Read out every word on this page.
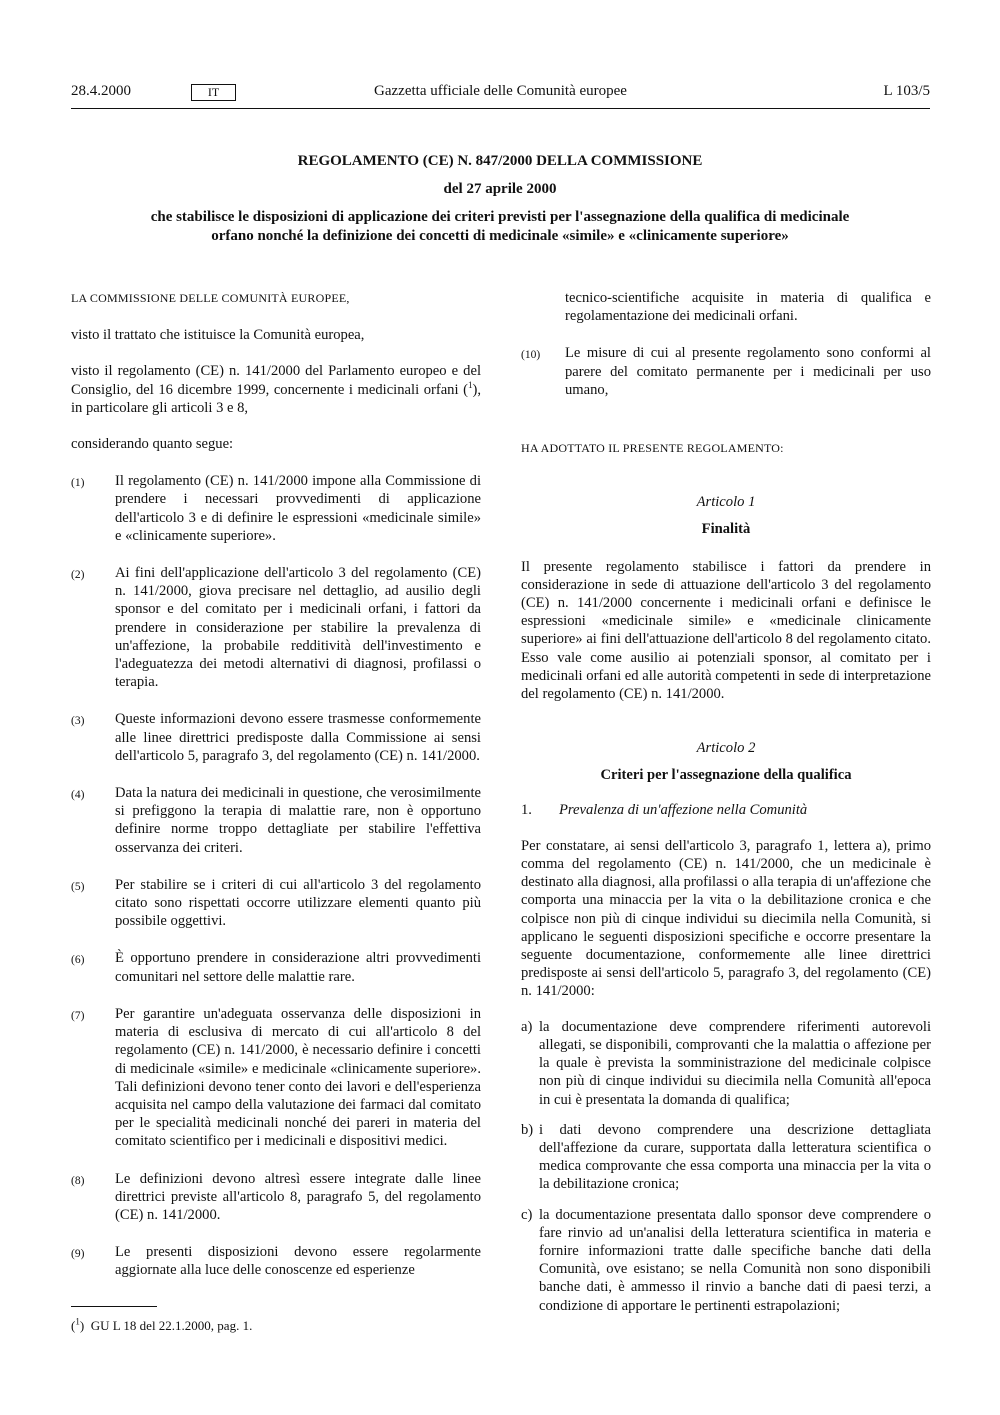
Gazzetta ufficiale delle Comunità europee
28.4.2000	IT	L 103/5

REGOLAMENTO (CE) N. 847/2000 DELLA COMMISSIONE

del 27 aprile 2000

che stabilisce le disposizioni di applicazione dei criteri previsti per l'assegnazione della qualifica di medicinale orfano nonché la definizione dei concetti di medicinale «simile» e «clinicamente superiore»

LA COMMISSIONE DELLE COMUNITÀ EUROPEE,

visto il trattato che istituisce la Comunità europea,

visto il regolamento (CE) n. 141/2000 del Parlamento europeo e del Consiglio, del 16 dicembre 1999, concernente i medicinali orfani ($^1$), in particolare gli articoli 3 e 8,

considerando quanto segue:

(1)	Il regolamento (CE) n. 141/2000 impone alla Commissione di prendere i necessari provvedimenti di applicazione dell'articolo 3 e di definire le espressioni «medicinale simile» e «clinicamente superiore».
(2)	Ai fini dell'applicazione dell'articolo 3 del regolamento (CE) n. 141/2000, giova precisare nel dettaglio, ad ausilio degli sponsor e del comitato per i medicinali orfani, i fattori da prendere in considerazione per stabilire la prevalenza di un'affezione, la probabile redditività dell'investimento e l'adeguatezza dei metodi alternativi di diagnosi, profilassi o terapia.
(3)	Queste informazioni devono essere trasmesse conformemente alle linee direttrici predisposte dalla Commissione ai sensi dell'articolo 5, paragrafo 3, del regolamento (CE) n. 141/2000.
(4)	Data la natura dei medicinali in questione, che verosimilmente si prefiggono la terapia di malattie rare, non è opportuno definire norme troppo dettagliate per stabilire l'effettiva osservanza dei criteri.
(5)	Per stabilire se i criteri di cui all'articolo 3 del regolamento citato sono rispettati occorre utilizzare elementi quanto più possibile oggettivi.
(6)	È opportuno prendere in considerazione altri provvedimenti comunitari nel settore delle malattie rare.
(7)	Per garantire un'adeguata osservanza delle disposizioni in materia di esclusiva di mercato di cui all'articolo 8 del regolamento (CE) n. 141/2000, è necessario definire i concetti di medicinale «simile» e medicinale «clinicamente superiore». Tali definizioni devono tener conto dei lavori e dell'esperienza acquisita nel campo della valutazione dei farmaci dal comitato per le specialità medicinali nonché dei pareri in materia del comitato scientifico per i medicinali e dispositivi medici.
(8)	Le definizioni devono altresì essere integrate dalle linee direttrici previste all'articolo 8, paragrafo 5, del regolamento (CE) n. 141/2000.
(9)	Le presenti disposizioni devono essere regolarmente aggiornate alla luce delle conoscenze ed esperienze

tecnico-scientifiche acquisite in materia di qualifica e regolamentazione dei medicinali orfani.

(10)	Le misure di cui al presente regolamento sono conformi al parere del comitato permanente per i medicinali per uso umano,

HA ADOTTATO IL PRESENTE REGOLAMENTO:

Articolo 1

Finalità

Il presente regolamento stabilisce i fattori da prendere in considerazione in sede di attuazione dell'articolo 3 del regolamento (CE) n. 141/2000 concernente i medicinali orfani e definisce le espressioni «medicinale simile» e «medicinale clinicamente superiore» ai fini dell'attuazione dell'articolo 8 del regolamento citato. Esso vale come ausilio ai potenziali sponsor, al comitato per i medicinali orfani ed alle autorità competenti in sede di interpretazione del regolamento (CE) n. 141/2000.

Articolo 2

Criteri per l'assegnazione della qualifica

1.	Prevalenza di un'affezione nella Comunità

Per constatare, ai sensi dell'articolo 3, paragrafo 1, lettera a), primo comma del regolamento (CE) n. 141/2000, che un medicinale è destinato alla diagnosi, alla profilassi o alla terapia di un'affezione che comporta una minaccia per la vita o la debilitazione cronica e che colpisce non più di cinque individui su diecimila nella Comunità, si applicano le seguenti disposizioni specifiche e occorre presentare la seguente documentazione, conformemente alle linee direttrici predisposte ai sensi dell'articolo 5, paragrafo 3, del regolamento (CE) n. 141/2000:

a) la documentazione deve comprendere riferimenti autorevoli allegati, se disponibili, comprovanti che la malattia o affezione per la quale è prevista la somministrazione del medicinale colpisce non più di cinque individui su diecimila nella Comunità all'epoca in cui è presentata la domanda di qualifica;
b) i dati devono comprendere una descrizione dettagliata dell'affezione da curare, supportata dalla letteratura scientifica o medica comprovante che essa comporta una minaccia per la vita o la debilitazione cronica;
c) la documentazione presentata dallo sponsor deve comprendere o fare rinvio ad un'analisi della letteratura scientifica in materia e fornire informazioni tratte dalle specifiche banche dati della Comunità, ove esistano; se nella Comunità non sono disponibili banche dati, è ammesso il rinvio a banche dati di paesi terzi, a condizione di apportare le pertinenti estrapolazioni;
($^1$)  GU L 18 del 22.1.2000, pag. 1.
